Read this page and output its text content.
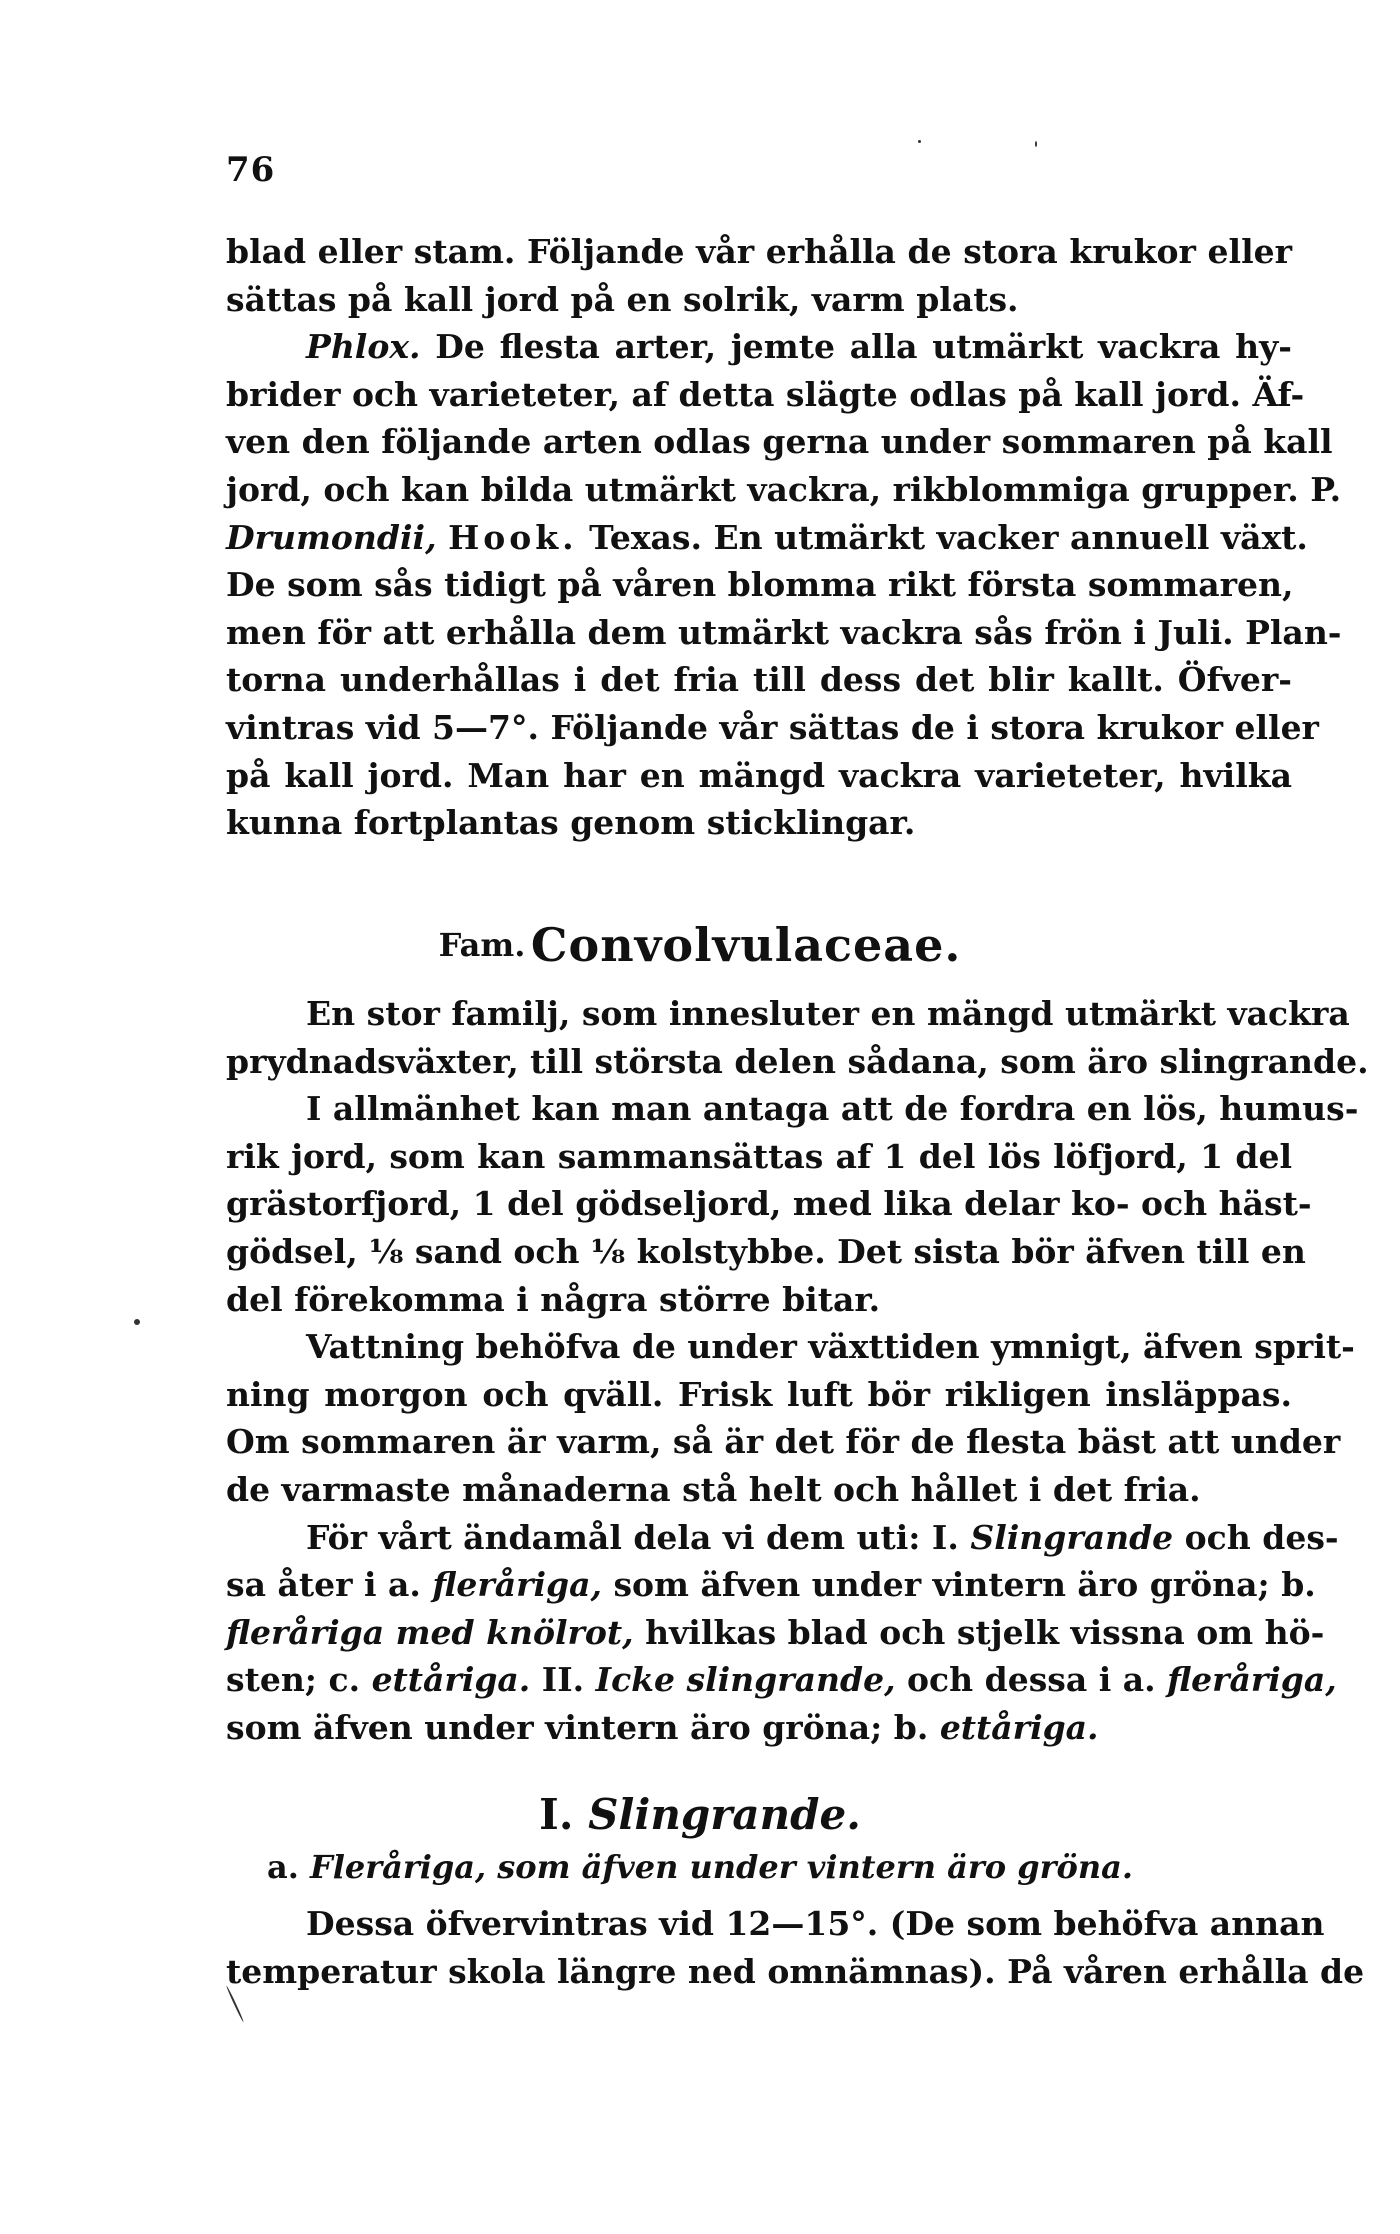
76
blad eller stam. Följande vår erhålla de stora krukor eller
sättas på kall jord på en solrik, varm plats.
Phlox. De flesta arter, jemte alla utmärkt vackra hy-
brider och varieteter, af detta slägte odlas på kall jord. Äf-
ven den följande arten odlas gerna under sommaren på kall
jord, och kan bilda utmärkt vackra, rikblommiga grupper. P.
Drumondii, Hook. Texas. En utmärkt vacker annuell växt.
De som sås tidigt på våren blomma rikt första sommaren,
men för att erhålla dem utmärkt vackra sås frön i Juli. Plan-
torna underhållas i det fria till dess det blir kallt. Öfver-
vintras vid 5—7°. Följande vår sättas de i stora krukor eller
på kall jord. Man har en mängd vackra varieteter, hvilka
kunna fortplantas genom sticklingar.
Fam. Convolvulaceae.
En stor familj, som innesluter en mängd utmärkt vackra
prydnadsväxter, till största delen sådana, som äro slingrande.
I allmänhet kan man antaga att de fordra en lös, humus-
rik jord, som kan sammansättas af 1 del lös löfjord, 1 del
grästorfjord, 1 del gödseljord, med lika delar ko- och häst-
gödsel, ⅛ sand och ⅛ kolstybbe. Det sista bör äfven till en
del förekomma i några större bitar.
Vattning behöfva de under växttiden ymnigt, äfven sprit-
ning morgon och qväll. Frisk luft bör rikligen insläppas.
Om sommaren är varm, så är det för de flesta bäst att under
de varmaste månaderna stå helt och hållet i det fria.
För vårt ändamål dela vi dem uti: I. Slingrande och des-
sa åter i a. fleråriga, som äfven under vintern äro gröna; b.
fleråriga med knölrot, hvilkas blad och stjelk vissna om hö-
sten; c. ettåriga. II. Icke slingrande, och dessa i a. fleråriga,
som äfven under vintern äro gröna; b. ettåriga.
I. Slingrande.
a. Fleråriga, som äfven under vintern äro gröna.
Dessa öfvervintras vid 12—15°. (De som behöfva annan
temperatur skola längre ned omnämnas). På våren erhålla de
